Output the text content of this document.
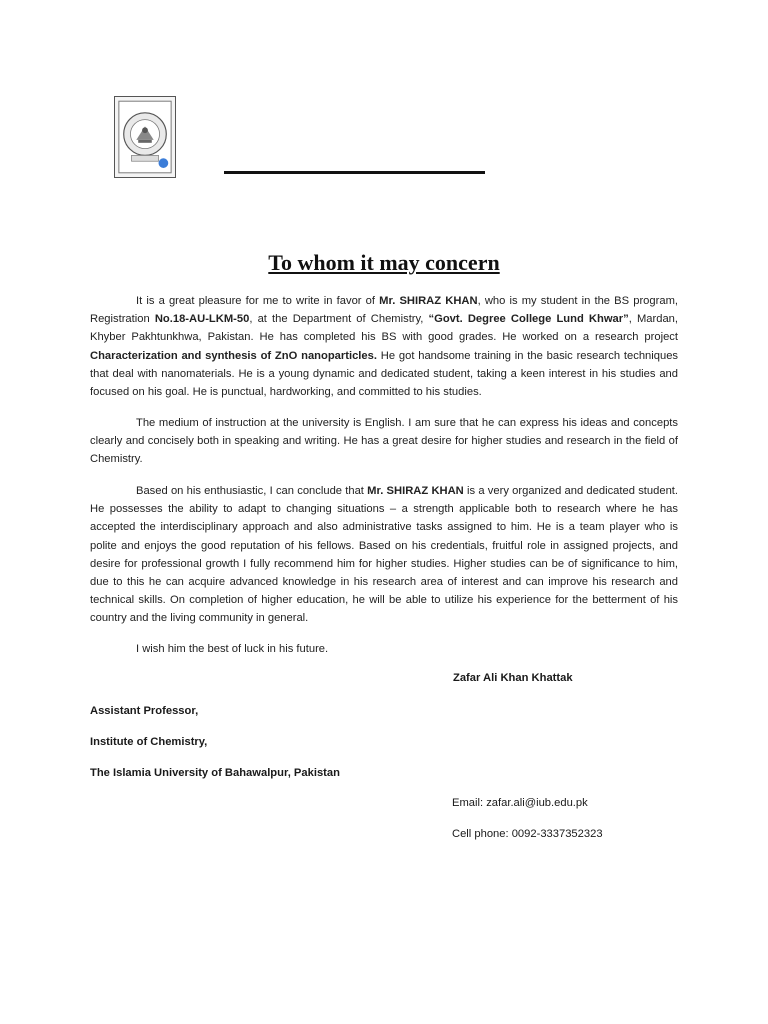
To whom it may concern
It is a great pleasure for me to write in favor of Mr. SHIRAZ KHAN, who is my student in the BS program, Registration No.18-AU-LKM-50, at the Department of Chemistry, “Govt. Degree College Lund Khwar”, Mardan, Khyber Pakhtunkhwa, Pakistan. He has completed his BS with good grades. He worked on a research project Characterization and synthesis of ZnO nanoparticles. He got handsome training in the basic research techniques that deal with nanomaterials. He is a young dynamic and dedicated student, taking a keen interest in his studies and focused on his goal. He is punctual, hardworking, and committed to his studies.
The medium of instruction at the university is English. I am sure that he can express his ideas and concepts clearly and concisely both in speaking and writing. He has a great desire for higher studies and research in the field of Chemistry.
Based on his enthusiastic, I can conclude that Mr. SHIRAZ KHAN is a very organized and dedicated student. He possesses the ability to adapt to changing situations – a strength applicable both to research where he has accepted the interdisciplinary approach and also administrative tasks assigned to him. He is a team player who is polite and enjoys the good reputation of his fellows. Based on his credentials, fruitful role in assigned projects, and desire for professional growth I fully recommend him for higher studies. Higher studies can be of significance to him, due to this he can acquire advanced knowledge in his research area of interest and can improve his research and technical skills. On completion of higher education, he will be able to utilize his experience for the betterment of his country and the living community in general.
I wish him the best of luck in his future.
Zafar Ali Khan Khattak
Assistant Professor,
Institute of Chemistry,
The Islamia University of Bahawalpur, Pakistan
Email: zafar.ali@iub.edu.pk
Cell phone: 0092-3337352323
